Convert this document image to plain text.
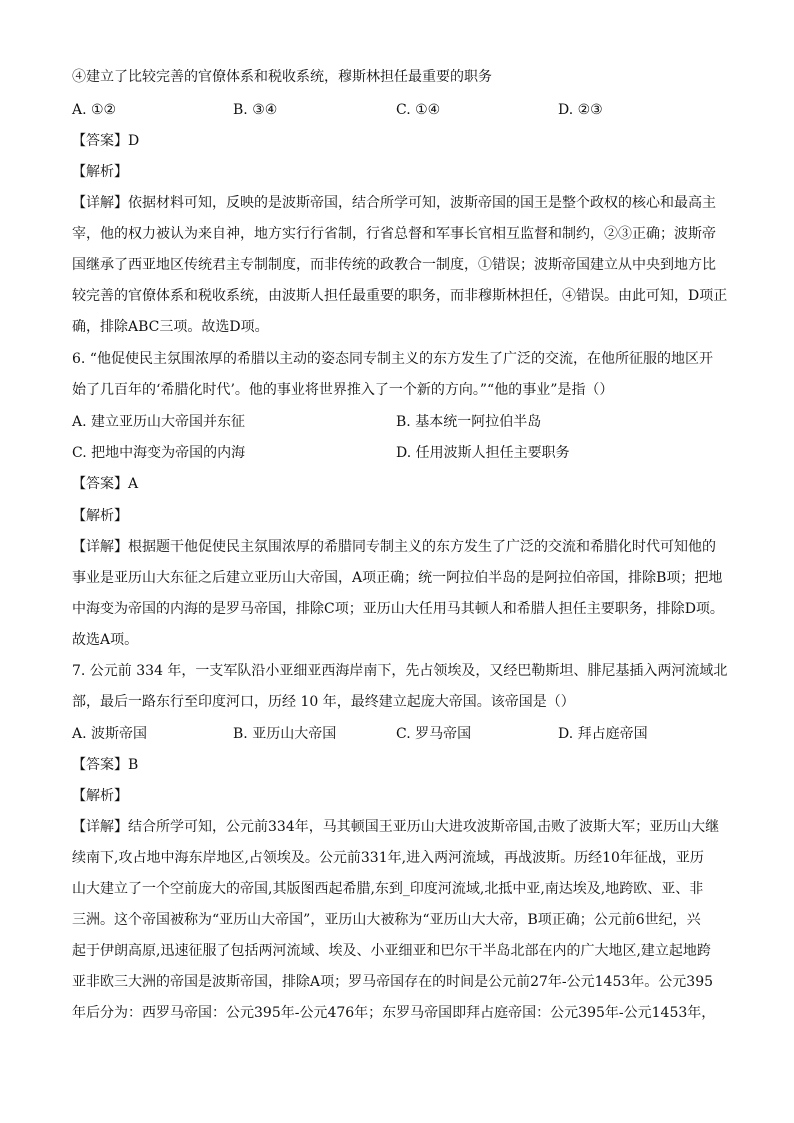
④建立了比较完善的官僚体系和税收系统，穆斯林担任最重要的职务
A. ①②	B. ③④	C. ①④	D. ②③
【答案】D
【解析】
【详解】依据材料可知，反映的是波斯帝国，结合所学可知，波斯帝国的国王是整个政权的核心和最高主
宰，他的权力被认为来自神，地方实行行省制，行省总督和军事长官相互监督和制约，②③正确；波斯帝
国继承了西亚地区传统君主专制制度，而非传统的政教合一制度，①错误；波斯帝国建立从中央到地方比
较完善的官僚体系和税收系统，由波斯人担任最重要的职务，而非穆斯林担任，④错误。由此可知，D项正
确，排除ABC三项。故选D项。
6. “他促使民主氛围浓厚的希腊以主动的姿态同专制主义的东方发生了广泛的交流，在他所征服的地区开
始了几百年的‘希腊化时代’。他的事业将世界推入了一个新的方向。”“他的事业”是指（）
A. 建立亚历山大帝国并东征	B. 基本统一阿拉伯半岛
C. 把地中海变为帝国的内海	D. 任用波斯人担任主要职务
【答案】A
【解析】
【详解】根据题干他促使民主氛围浓厚的希腊同专制主义的东方发生了广泛的交流和希腊化时代可知他的
事业是亚历山大东征之后建立亚历山大帝国，A项正确；统一阿拉伯半岛的是阿拉伯帝国，排除B项；把地
中海变为帝国的内海的是罗马帝国，排除C项；亚历山大任用马其顿人和希腊人担任主要职务，排除D项。
故选A项。
7. 公元前 334 年，一支军队沿小亚细亚西海岸南下，先占领埃及，又经巴勒斯坦、腓尼基插入两河流域北
部，最后一路东行至印度河口，历经 10 年，最终建立起庞大帝国。该帝国是（）
A. 波斯帝国	B. 亚历山大帝国	C. 罗马帝国	D. 拜占庭帝国
【答案】B
【解析】
【详解】结合所学可知，公元前334年，马其顿国王亚历山大进攻波斯帝国,击败了波斯大军；亚历山大继
续南下,攻占地中海东岸地区,占领埃及。公元前331年,进入两河流域，再战波斯。历经10年征战，亚历
山大建立了一个空前庞大的帝国,其版图西起希腊,东到_印度河流域,北抵中亚,南达埃及,地跨欧、亚、非
三洲。这个帝国被称为“亚历山大帝国”，亚历山大被称为“亚历山大大帝，B项正确；公元前6世纪，兴
起于伊朗高原,迅速征服了包括两河流域、埃及、小亚细亚和巴尔干半岛北部在内的广大地区,建立起地跨
亚非欧三大洲的帝国是波斯帝国，排除A项；罗马帝国存在的时间是公元前27年-公元1453年。公元395
年后分为：西罗马帝国：公元395年-公元476年；东罗马帝国即拜占庭帝国：公元395年-公元1453年，
